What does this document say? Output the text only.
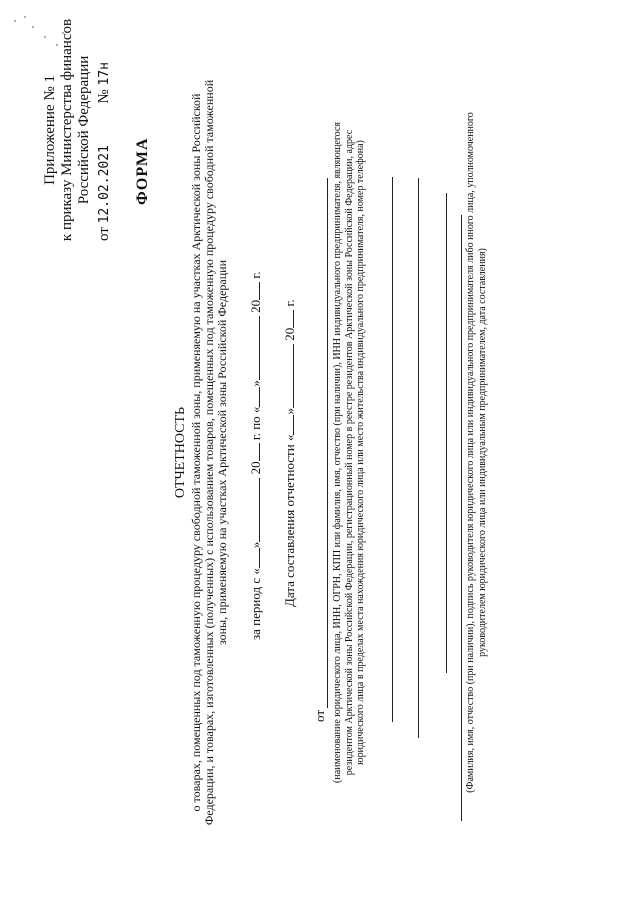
Приложение № 1 к приказу Министерства финансов Российской Федерации
от 12.02.2021  № 17н
ФОРМА
ОТЧЕТНОСТЬ о товарах, помещенных под таможенную процедуру свободной таможенной зоны, применяемую на участках Арктической зоны Российской Федерации, и товарах, изготовленных (полученных) с использованием товаров, помещенных под таможенную процедуру свободной таможенной зоны, применяемую на участках Арктической зоны Российской Федерации за период с «» 20 г. по «» 20 г.
Дата составления отчетности «» 20 г.
от (наименование юридического лица, ИНН, ОГРН, КПП или фамилия, имя, отчество (при наличии), ИНН индивидуального предпринимателя, являющегося резидентом Арктической зоны Российской Федерации, регистрационный номер в реестре резидентов Арктической зоны Российской Федерации, адрес юридического лица в пределах места нахождения юридического лица или место жительства индивидуального предпринимателя, номер телефона)	(Фамилия, имя, отчество (при наличии), подпись руководителя юридического лица или индивидуального предпринимателя либо иного лица, уполномоченного руководителем юридического лица или индивидуальным предпринимателем, дата составления)
